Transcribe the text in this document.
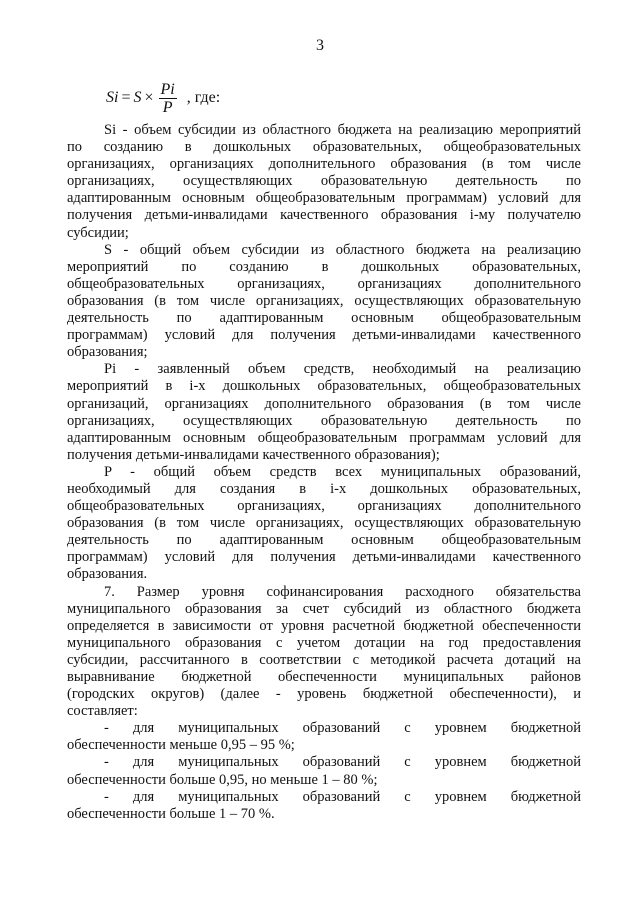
3
$Si = S \times \frac{Pi}{P}$ , где:

Si - объем субсидии из областного бюджета на реализацию мероприятий
по созданию в дошкольных образовательных, общеобразовательных
организациях, организациях дополнительного образования (в том числе
организациях, осуществляющих образовательную деятельность по
адаптированным основным общеобразовательным программам) условий для
получения детьми-инвалидами качественного образования i-му получателю
субсидии;

S - общий объем субсидии из областного бюджета на реализацию
мероприятий по созданию в дошкольных образовательных,
общеобразовательных организациях, организациях дополнительного
образования (в том числе организациях, осуществляющих образовательную
деятельность по адаптированным основным общеобразовательным
программам) условий для получения детьми-инвалидами качественного
образования;

Pi - заявленный объем средств, необходимый на реализацию
мероприятий в i-х дошкольных образовательных, общеобразовательных
организаций, организациях дополнительного образования (в том числе
организациях, осуществляющих образовательную деятельность по
адаптированным основным общеобразовательным программам условий для
получения детьми-инвалидами качественного образования);

P - общий объем средств всех муниципальных образований,
необходимый для создания в i-х дошкольных образовательных,
общеобразовательных организациях, организациях дополнительного
образования (в том числе организациях, осуществляющих образовательную
деятельность по адаптированным основным общеобразовательным
программам) условий для получения детьми-инвалидами качественного
образования.

7. Размер уровня софинансирования расходного обязательства
муниципального образования за счет субсидий из областного бюджета
определяется в зависимости от уровня расчетной бюджетной обеспеченности
муниципального образования с учетом дотации на год предоставления
субсидии, рассчитанного в соответствии с методикой расчета дотаций на
выравнивание бюджетной обеспеченности муниципальных районов
(городских округов) (далее - уровень бюджетной обеспеченности), и
составляет:

- для муниципальных образований с уровнем бюджетной
обеспеченности меньше 0,95 – 95 %;

- для муниципальных образований с уровнем бюджетной
обеспеченности больше 0,95, но меньше 1 – 80 %;

- для муниципальных образований с уровнем бюджетной
обеспеченности больше 1 – 70 %.
